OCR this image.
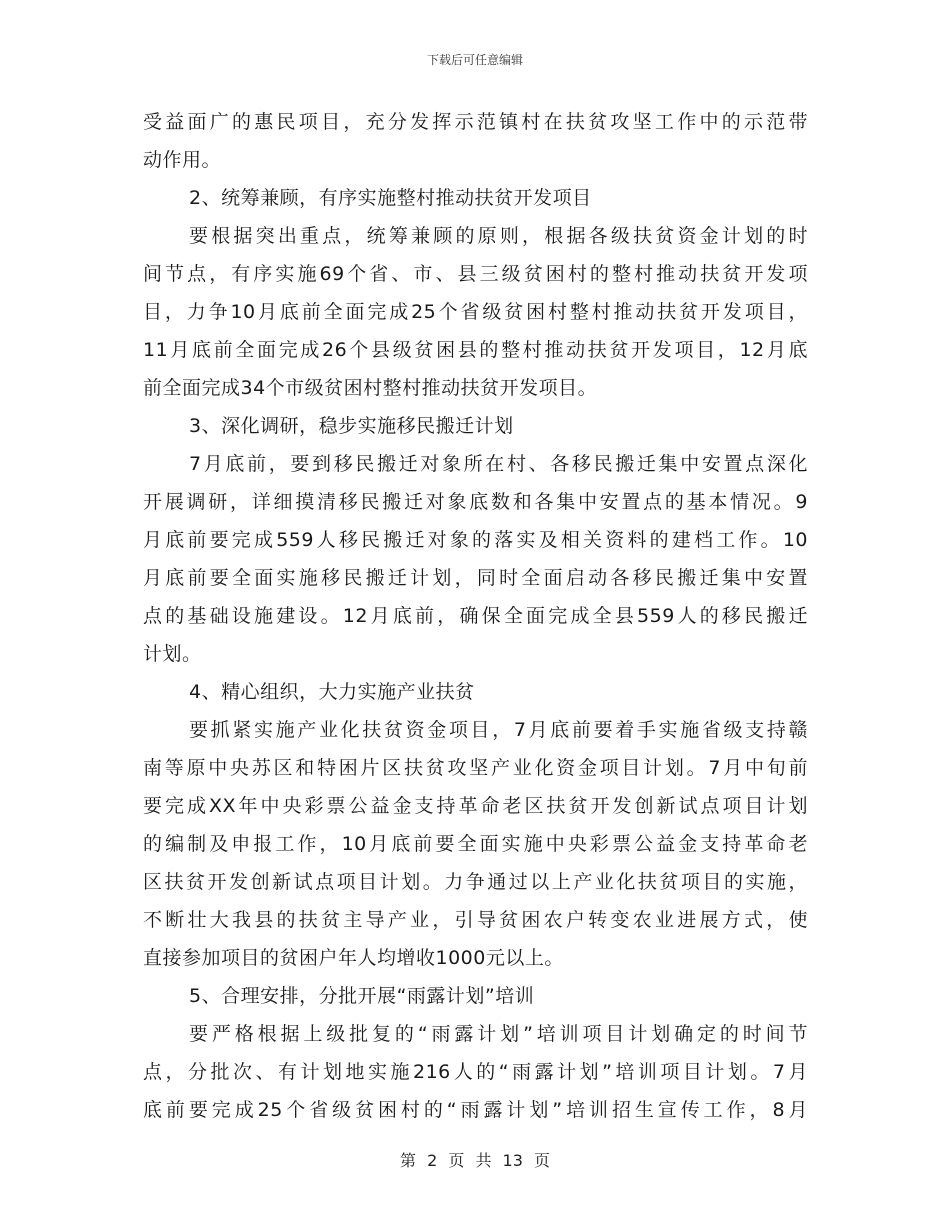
下载后可任意编辑
受益面广的惠民项目，充分发挥示范镇村在扶贫攻坚工作中的示范带
动作用。
2、统筹兼顾，有序实施整村推动扶贫开发项目
要根据突出重点，统筹兼顾的原则，根据各级扶贫资金计划的时
间节点，有序实施69个省、市、县三级贫困村的整村推动扶贫开发项
目，力争10月底前全面完成25个省级贫困村整村推动扶贫开发项目，
11月底前全面完成26个县级贫困县的整村推动扶贫开发项目，12月底
前全面完成34个市级贫困村整村推动扶贫开发项目。
3、深化调研，稳步实施移民搬迁计划
7月底前，要到移民搬迁对象所在村、各移民搬迁集中安置点深化
开展调研，详细摸清移民搬迁对象底数和各集中安置点的基本情况。9
月底前要完成559人移民搬迁对象的落实及相关资料的建档工作。10
月底前要全面实施移民搬迁计划，同时全面启动各移民搬迁集中安置
点的基础设施建设。12月底前，确保全面完成全县559人的移民搬迁
计划。
4、精心组织，大力实施产业扶贫
要抓紧实施产业化扶贫资金项目，7月底前要着手实施省级支持赣
南等原中央苏区和特困片区扶贫攻坚产业化资金项目计划。7月中旬前
要完成XX年中央彩票公益金支持革命老区扶贫开发创新试点项目计划
的编制及申报工作，10月底前要全面实施中央彩票公益金支持革命老
区扶贫开发创新试点项目计划。力争通过以上产业化扶贫项目的实施，
不断壮大我县的扶贫主导产业，引导贫困农户转变农业进展方式，使
直接参加项目的贫困户年人均增收1000元以上。
5、合理安排，分批开展“雨露计划”培训
要严格根据上级批复的“雨露计划”培训项目计划确定的时间节
点，分批次、有计划地实施216人的“雨露计划”培训项目计划。7月
底前要完成25个省级贫困村的“雨露计划”培训招生宣传工作，8月
第 2 页 共 13 页
